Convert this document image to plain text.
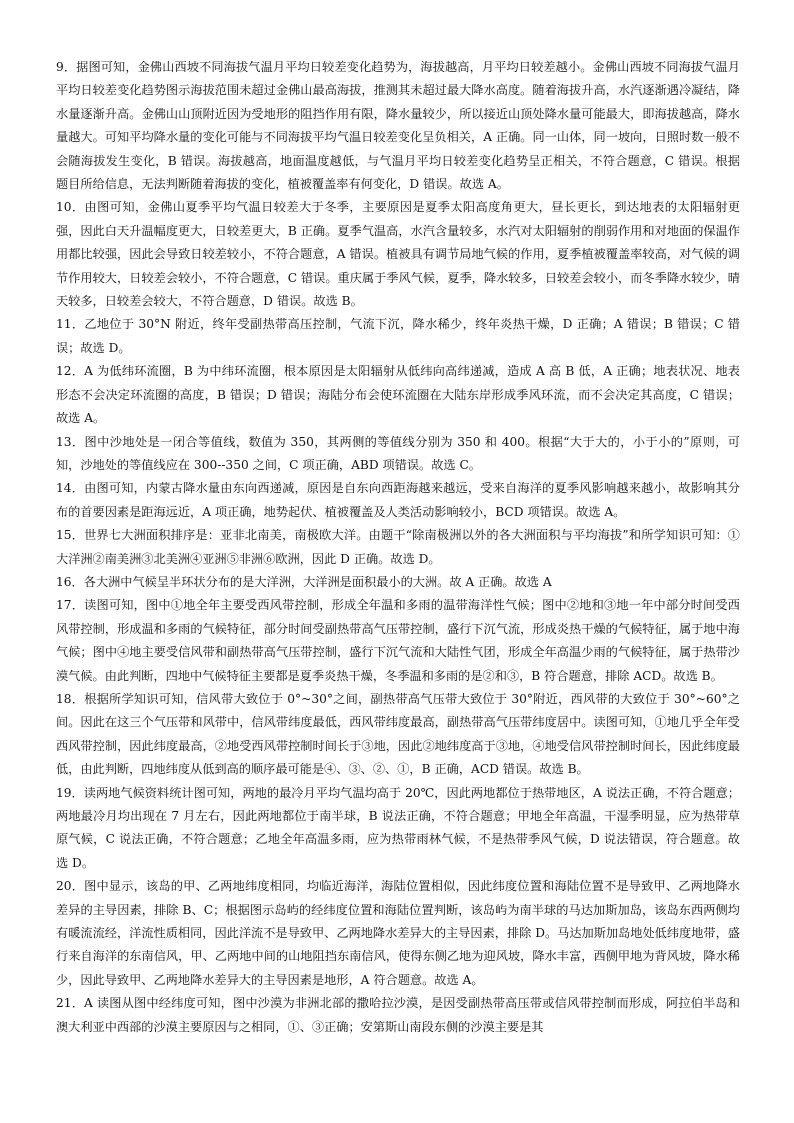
9．据图可知，金佛山西坡不同海拔气温月平均日较差变化趋势为，海拔越高，月平均日较差越小。金佛山西坡不同海拔气温月平均日较差变化趋势图示海拔范围未超过金佛山最高海拔，推测其未超过最大降水高度。随着海拔升高，水汽逐渐遇冷凝结，降水量逐渐升高。金佛山山顶附近因为受地形的阻挡作用有限，降水量较少，所以接近山顶处降水量可能最大，即海拔越高，降水量越大。可知平均降水量的变化可能与不同海拔平均气温日较差变化呈负相关，A 正确。同一山体，同一坡向，日照时数一般不会随海拔发生变化，B 错误。海拔越高，地面温度越低，与气温月平均日较差变化趋势呈正相关，不符合题意，C 错误。根据题目所给信息，无法判断随着海拔的变化，植被覆盖率有何变化，D 错误。故选 A。

10．由图可知，金佛山夏季平均气温日较差大于冬季，主要原因是夏季太阳高度角更大，昼长更长，到达地表的太阳辐射更强，因此白天升温幅度更大，日较差更大，B 正确。夏季气温高，水汽含量较多，水汽对太阳辐射的削弱作用和对地面的保温作用都比较强，因此会导致日较差较小，不符合题意，A 错误。植被具有调节局地气候的作用，夏季植被覆盖率较高，对气候的调节作用较大，日较差会较小，不符合题意，C 错误。重庆属于季风气候，夏季，降水较多，日较差会较小，而冬季降水较少，晴天较多，日较差会较大，不符合题意，D 错误。故选 B。

11．乙地位于 30°N 附近，终年受副热带高压控制，气流下沉，降水稀少，终年炎热干燥，D 正确；A 错误；B 错误；C 错误；故选 D。

12．A 为低纬环流圈，B 为中纬环流圈，根本原因是太阳辐射从低纬向高纬递减，造成 A 高 B 低，A 正确；地表状况、地表形态不会决定环流圈的高度，B 错误；D 错误；海陆分布会使环流圈在大陆东岸形成季风环流，而不会决定其高度，C 错误；故选 A。

13．图中沙地处是一闭合等值线，数值为 350，其两侧的等值线分别为 350 和 400。根据“大于大的，小于小的”原则，可知，沙地处的等值线应在 300--350 之间，C 项正确，ABD 项错误。故选 C。

14．由图可知，内蒙古降水量由东向西递减，原因是自东向西距海越来越远，受来自海洋的夏季风影响越来越小，故影响其分布的首要因素是距海远近，A 项正确，地势起伏、植被覆盖及人类活动影响较小，BCD 项错误。故选 A。

15．世界七大洲面积排序是：亚非北南美，南极欧大洋。由题干“除南极洲以外的各大洲面积与平均海拔”和所学知识可知：①大洋洲②南美洲③北美洲④亚洲⑤非洲⑥欧洲，因此 D 正确。故选 D。

16．各大洲中气候呈半环状分布的是大洋洲，大洋洲是面积最小的大洲。故 A 正确。故选 A

17．读图可知，图中①地全年主要受西风带控制，形成全年温和多雨的温带海洋性气候；图中②地和③地一年中部分时间受西风带控制，形成温和多雨的气候特征，部分时间受副热带高气压带控制，盛行下沉气流，形成炎热干燥的气候特征，属于地中海气候；图中④地主要受信风带和副热带高气压带控制，盛行下沉气流和大陆性气团，形成全年高温少雨的气候特征，属于热带沙漠气候。由此判断，四地中气候特征主要都是夏季炎热干燥，冬季温和多雨的是②和③，B 符合题意，排除 ACD。故选 B。

18．根据所学知识可知，信风带大致位于 0°~30°之间，副热带高气压带大致位于 30°附近，西风带的大致位于 30°~60°之间。因此在这三个气压带和风带中，信风带纬度最低，西风带纬度最高，副热带高气压带纬度居中。读图可知，①地几乎全年受西风带控制，因此纬度最高，②地受西风带控制时间长于③地，因此②地纬度高于③地，④地受信风带控制时间长，因此纬度最低，由此判断，四地纬度从低到高的顺序最可能是④、③、②、①，B 正确，ACD 错误。故选 B。

19．读两地气候资料统计图可知，两地的最冷月平均气温均高于 20℃，因此两地都位于热带地区，A 说法正确，不符合题意；两地最冷月均出现在 7 月左右，因此两地都位于南半球，B 说法正确，不符合题意；甲地全年高温，干湿季明显，应为热带草原气候，C 说法正确，不符合题意；乙地全年高温多雨，应为热带雨林气候，不是热带季风气候，D 说法错误，符合题意。故选 D。

20．图中显示，该岛的甲、乙两地纬度相同，均临近海洋，海陆位置相似，因此纬度位置和海陆位置不是导致甲、乙两地降水差异的主导因素，排除 B、C；根据图示岛屿的经纬度位置和海陆位置判断，该岛屿为南半球的马达加斯加岛，该岛东西两侧均有暖流流经，洋流性质相同，因此洋流不是导致甲、乙两地降水差异大的主导因素，排除 D。马达加斯加岛地处低纬度地带，盛行来自海洋的东南信风，甲、乙两地中间的山地阻挡东南信风，使得东侧乙地为迎风坡，降水丰富，西侧甲地为背风坡，降水稀少，因此导致甲、乙两地降水差异大的主导因素是地形，A 符合题意。故选 A。

21．A 读图从图中经纬度可知，图中沙漠为非洲北部的撒哈拉沙漠，是因受副热带高压带或信风带控制而形成，阿拉伯半岛和澳大利亚中西部的沙漠主要原因与之相同，①、③正确；安第斯山南段东侧的沙漠主要是其
